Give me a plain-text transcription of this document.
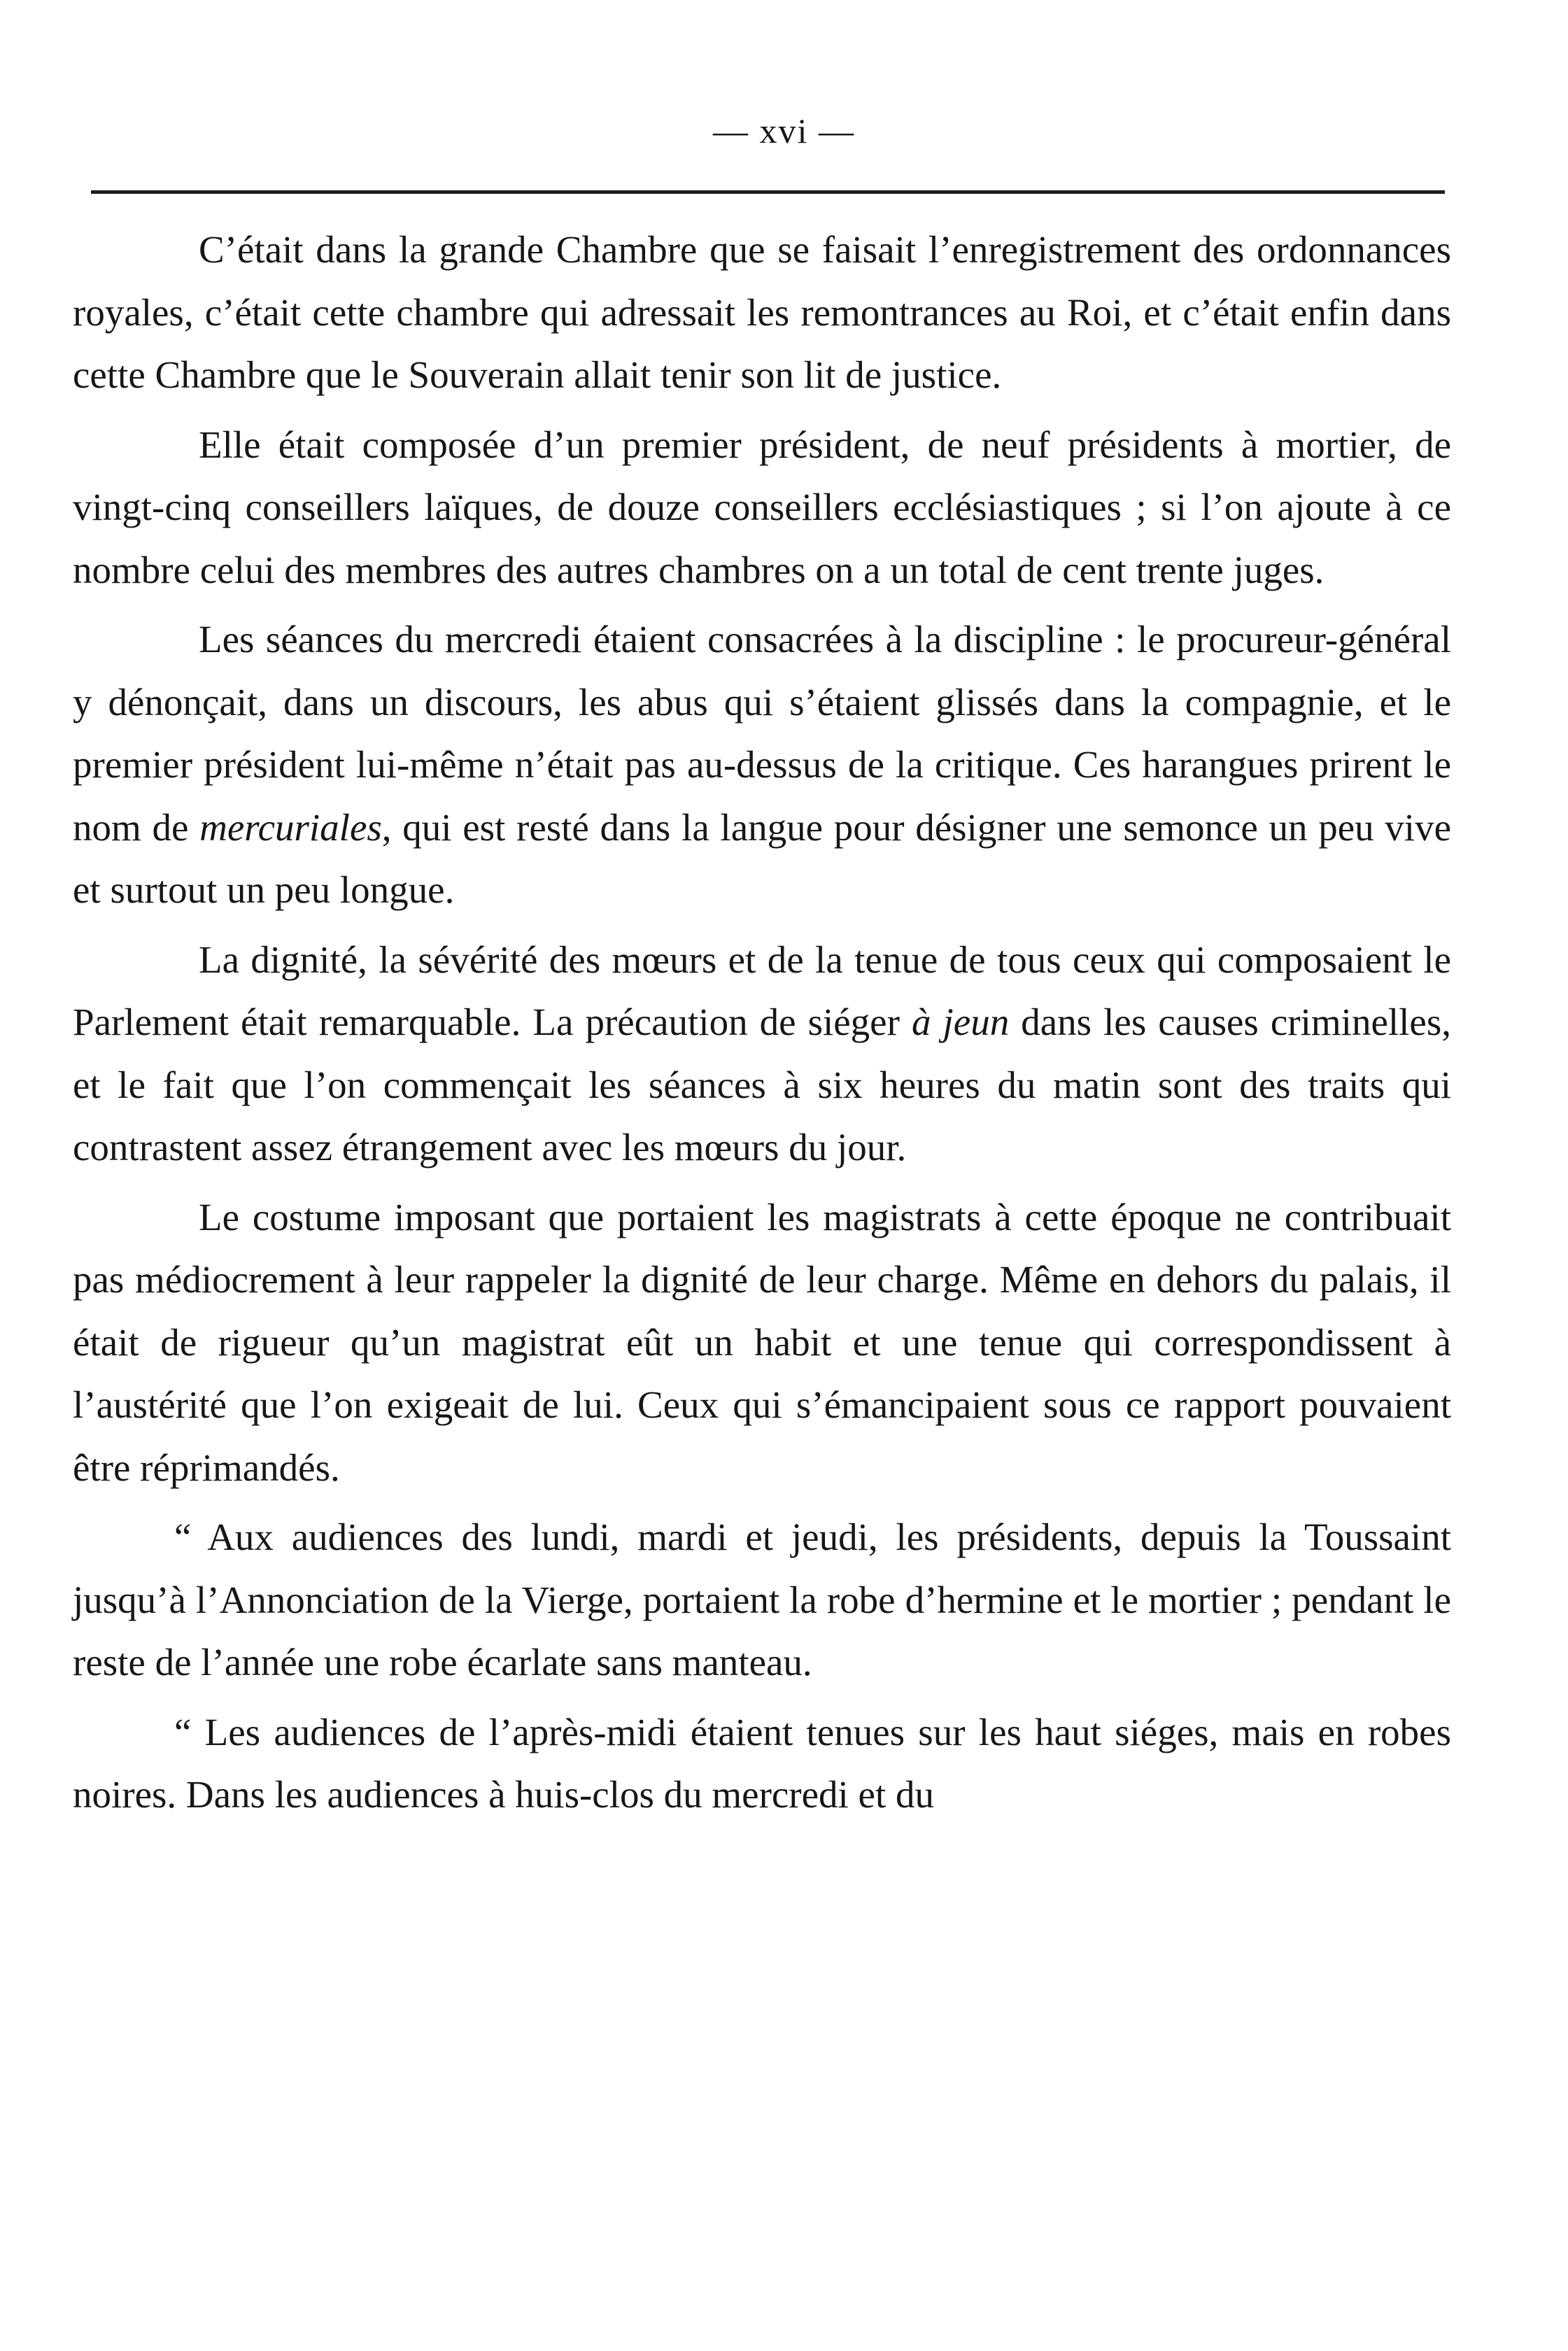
— xvi —

C’était dans la grande Chambre que se faisait l’enregistrement des ordonnances royales, c’était cette chambre qui adressait les remontrances au Roi, et c’était enfin dans cette Chambre que le Souverain allait tenir son lit de justice.

Elle était composée d’un premier président, de neuf présidents à mortier, de vingt-cinq conseillers laïques, de douze conseillers ecclésiastiques ; si l’on ajoute à ce nombre celui des membres des autres chambres on a un total de cent trente juges.

Les séances du mercredi étaient consacrées à la discipline : le procureur-général y dénonçait, dans un discours, les abus qui s’étaient glissés dans la compagnie, et le premier président lui-même n’était pas au-dessus de la critique. Ces harangues prirent le nom de mercuriales, qui est resté dans la langue pour désigner une semonce un peu vive et surtout un peu longue.

La dignité, la sévérité des mœurs et de la tenue de tous ceux qui composaient le Parlement était remarquable. La précaution de siéger à jeun dans les causes criminelles, et le fait que l’on commençait les séances à six heures du matin sont des traits qui contrastent assez étrangement avec les mœurs du jour.

Le costume imposant que portaient les magistrats à cette époque ne contribuait pas médiocrement à leur rappeler la dignité de leur charge. Même en dehors du palais, il était de rigueur qu’un magistrat eût un habit et une tenue qui correspondissent à l’austérité que l’on exigeait de lui. Ceux qui s’émancipaient sous ce rapport pouvaient être réprimandés.

“ Aux audiences des lundi, mardi et jeudi, les présidents, depuis la Toussaint jusqu’à l’Annonciation de la Vierge, portaient la robe d’hermine et le mortier ; pendant le reste de l’année une robe écarlate sans manteau.

“ Les audiences de l’après-midi étaient tenues sur les haut siéges, mais en robes noires. Dans les audiences à huis-clos du mercredi et du
